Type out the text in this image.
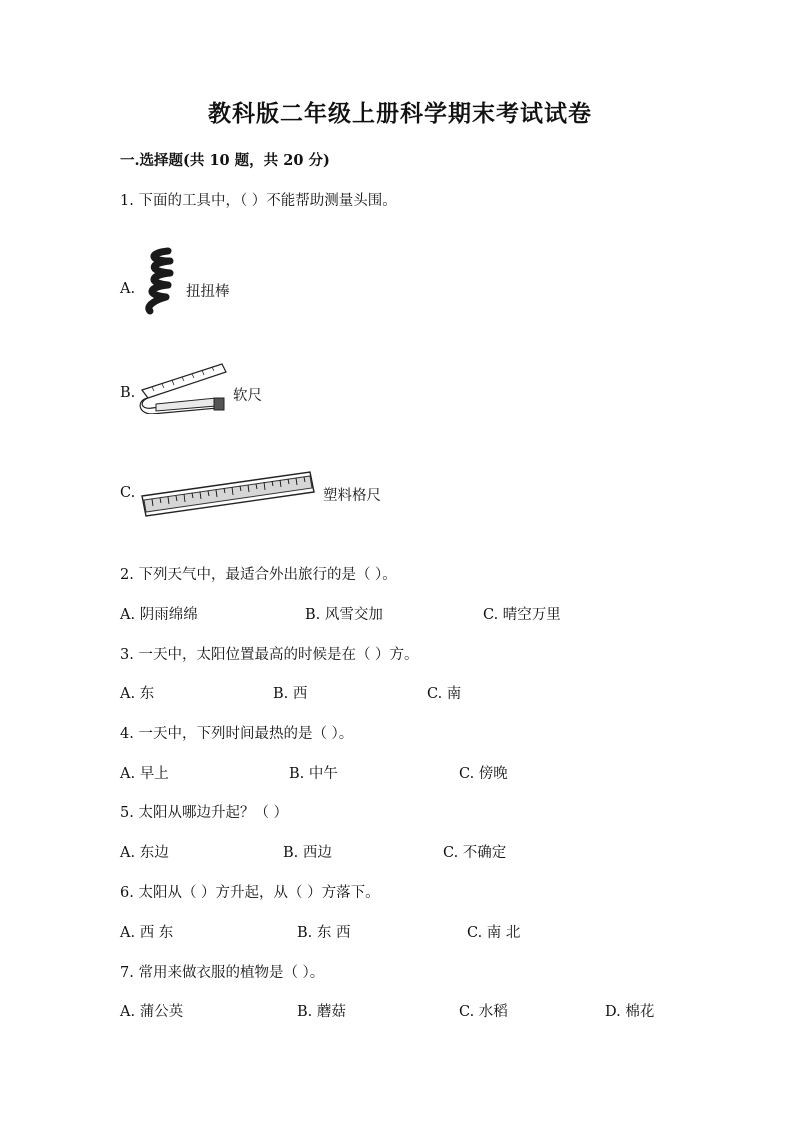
教科版二年级上册科学期末考试试卷
一.选择题(共 10 题，共 20 分)
1. 下面的工具中，（ ）不能帮助测量头围。
A.	扭扭棒
B.	软尺
C.	塑料格尺
2. 下列天气中，最适合外出旅行的是（ ）。
A. 阴雨绵绵	B. 风雪交加	C. 晴空万里
3. 一天中，太阳位置最高的时候是在（ ）方。
A. 东	B. 西	C. 南
4. 一天中，下列时间最热的是（ ）。
A. 早上	B. 中午	C. 傍晚
5. 太阳从哪边升起？（ ）
A. 东边	B. 西边	C. 不确定
6. 太阳从（ ）方升起，从（ ）方落下。
A. 西 东	B. 东 西	C. 南 北
7. 常用来做衣服的植物是（ ）。
A. 蒲公英	B. 蘑菇	C. 水稻	D. 棉花
